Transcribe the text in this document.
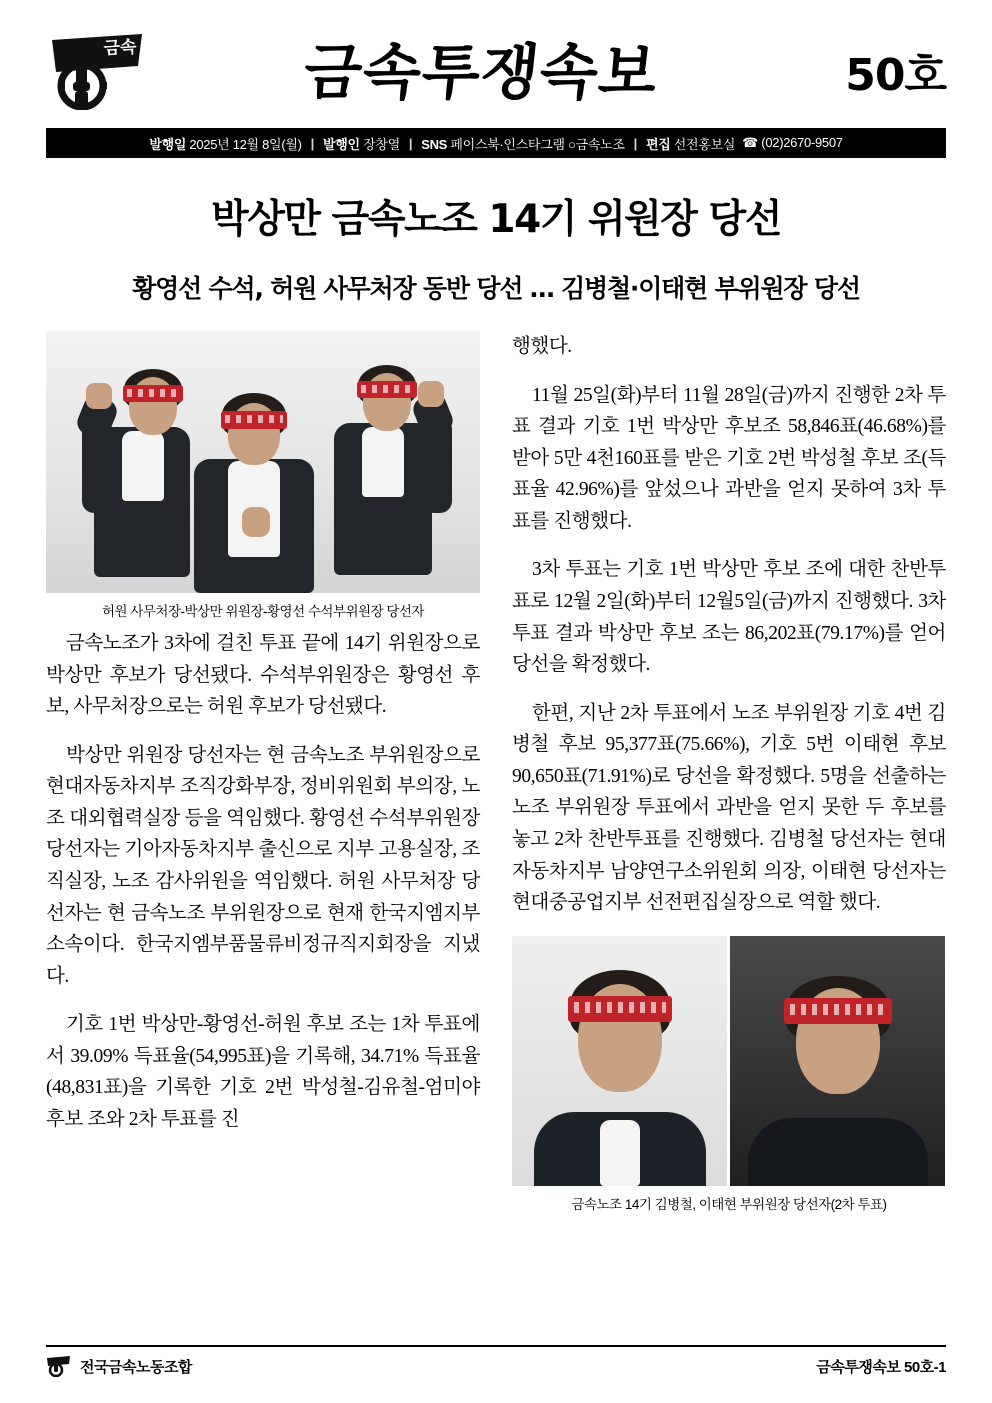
금속	금속투쟁속보	50호
발행일 2025년 12월 8일(월) | 발행인 장창열 | SNS 페이스북·인스타그램 ○금속노조 | 편집 선전홍보실 ☎ (02)2670-9507
박상만 금속노조 14기 위원장 당선
황영선 수석, 허원 사무처장 동반 당선 … 김병철·이태현 부위원장 당선
허원 사무처장-박상만 위원장-황영선 수석부위원장 당선자

금속노조가 3차에 걸친 투표 끝에 14기 위원장으로 박상만 후보가 당선됐다. 수석부위원장은 황영선 후보, 사무처장으로는 허원 후보가 당선됐다.

박상만 위원장 당선자는 현 금속노조 부위원장으로 현대자동차지부 조직강화부장, 정비위원회 부의장, 노조 대외협력실장 등을 역임했다. 황영선 수석부위원장 당선자는 기아자동차지부 출신으로 지부 고용실장, 조직실장, 노조 감사위원을 역임했다. 허원 사무처장 당선자는 현 금속노조 부위원장으로 현재 한국지엠지부 소속이다. 한국지엠부품물류비정규직지회장을 지냈다.

기호 1번 박상만-황영선-허원 후보 조는 1차 투표에서 39.09% 득표율(54,995표)을 기록해, 34.71% 득표율(48,831표)을 기록한 기호 2번 박성철-김유철-엄미야 후보 조와 2차 투표를 진

행했다.

11월 25일(화)부터 11월 28일(금)까지 진행한 2차 투표 결과 기호 1번 박상만 후보조 58,846표(46.68%)를 받아 5만 4천160표를 받은 기호 2번 박성철 후보 조(득표율 42.96%)를 앞섰으나 과반을 얻지 못하여 3차 투표를 진행했다.

3차 투표는 기호 1번 박상만 후보 조에 대한 찬반투표로 12월 2일(화)부터 12월5일(금)까지 진행했다. 3차 투표 결과 박상만 후보 조는 86,202표(79.17%)를 얻어 당선을 확정했다.

한편, 지난 2차 투표에서 노조 부위원장 기호 4번 김병철 후보 95,377표(75.66%), 기호 5번 이태현 후보 90,650표(71.91%)로 당선을 확정했다. 5명을 선출하는 노조 부위원장 투표에서 과반을 얻지 못한 두 후보를 놓고 2차 찬반투표를 진행했다. 김병철 당선자는 현대자동차지부 남양연구소위원회 의장, 이태현 당선자는 현대중공업지부 선전편집실장으로 역할 했다.

금속노조 14기 김병철, 이태현 부위원장 당선자(2차 투표)
전국금속노동조합	금속투쟁속보 50호-1
